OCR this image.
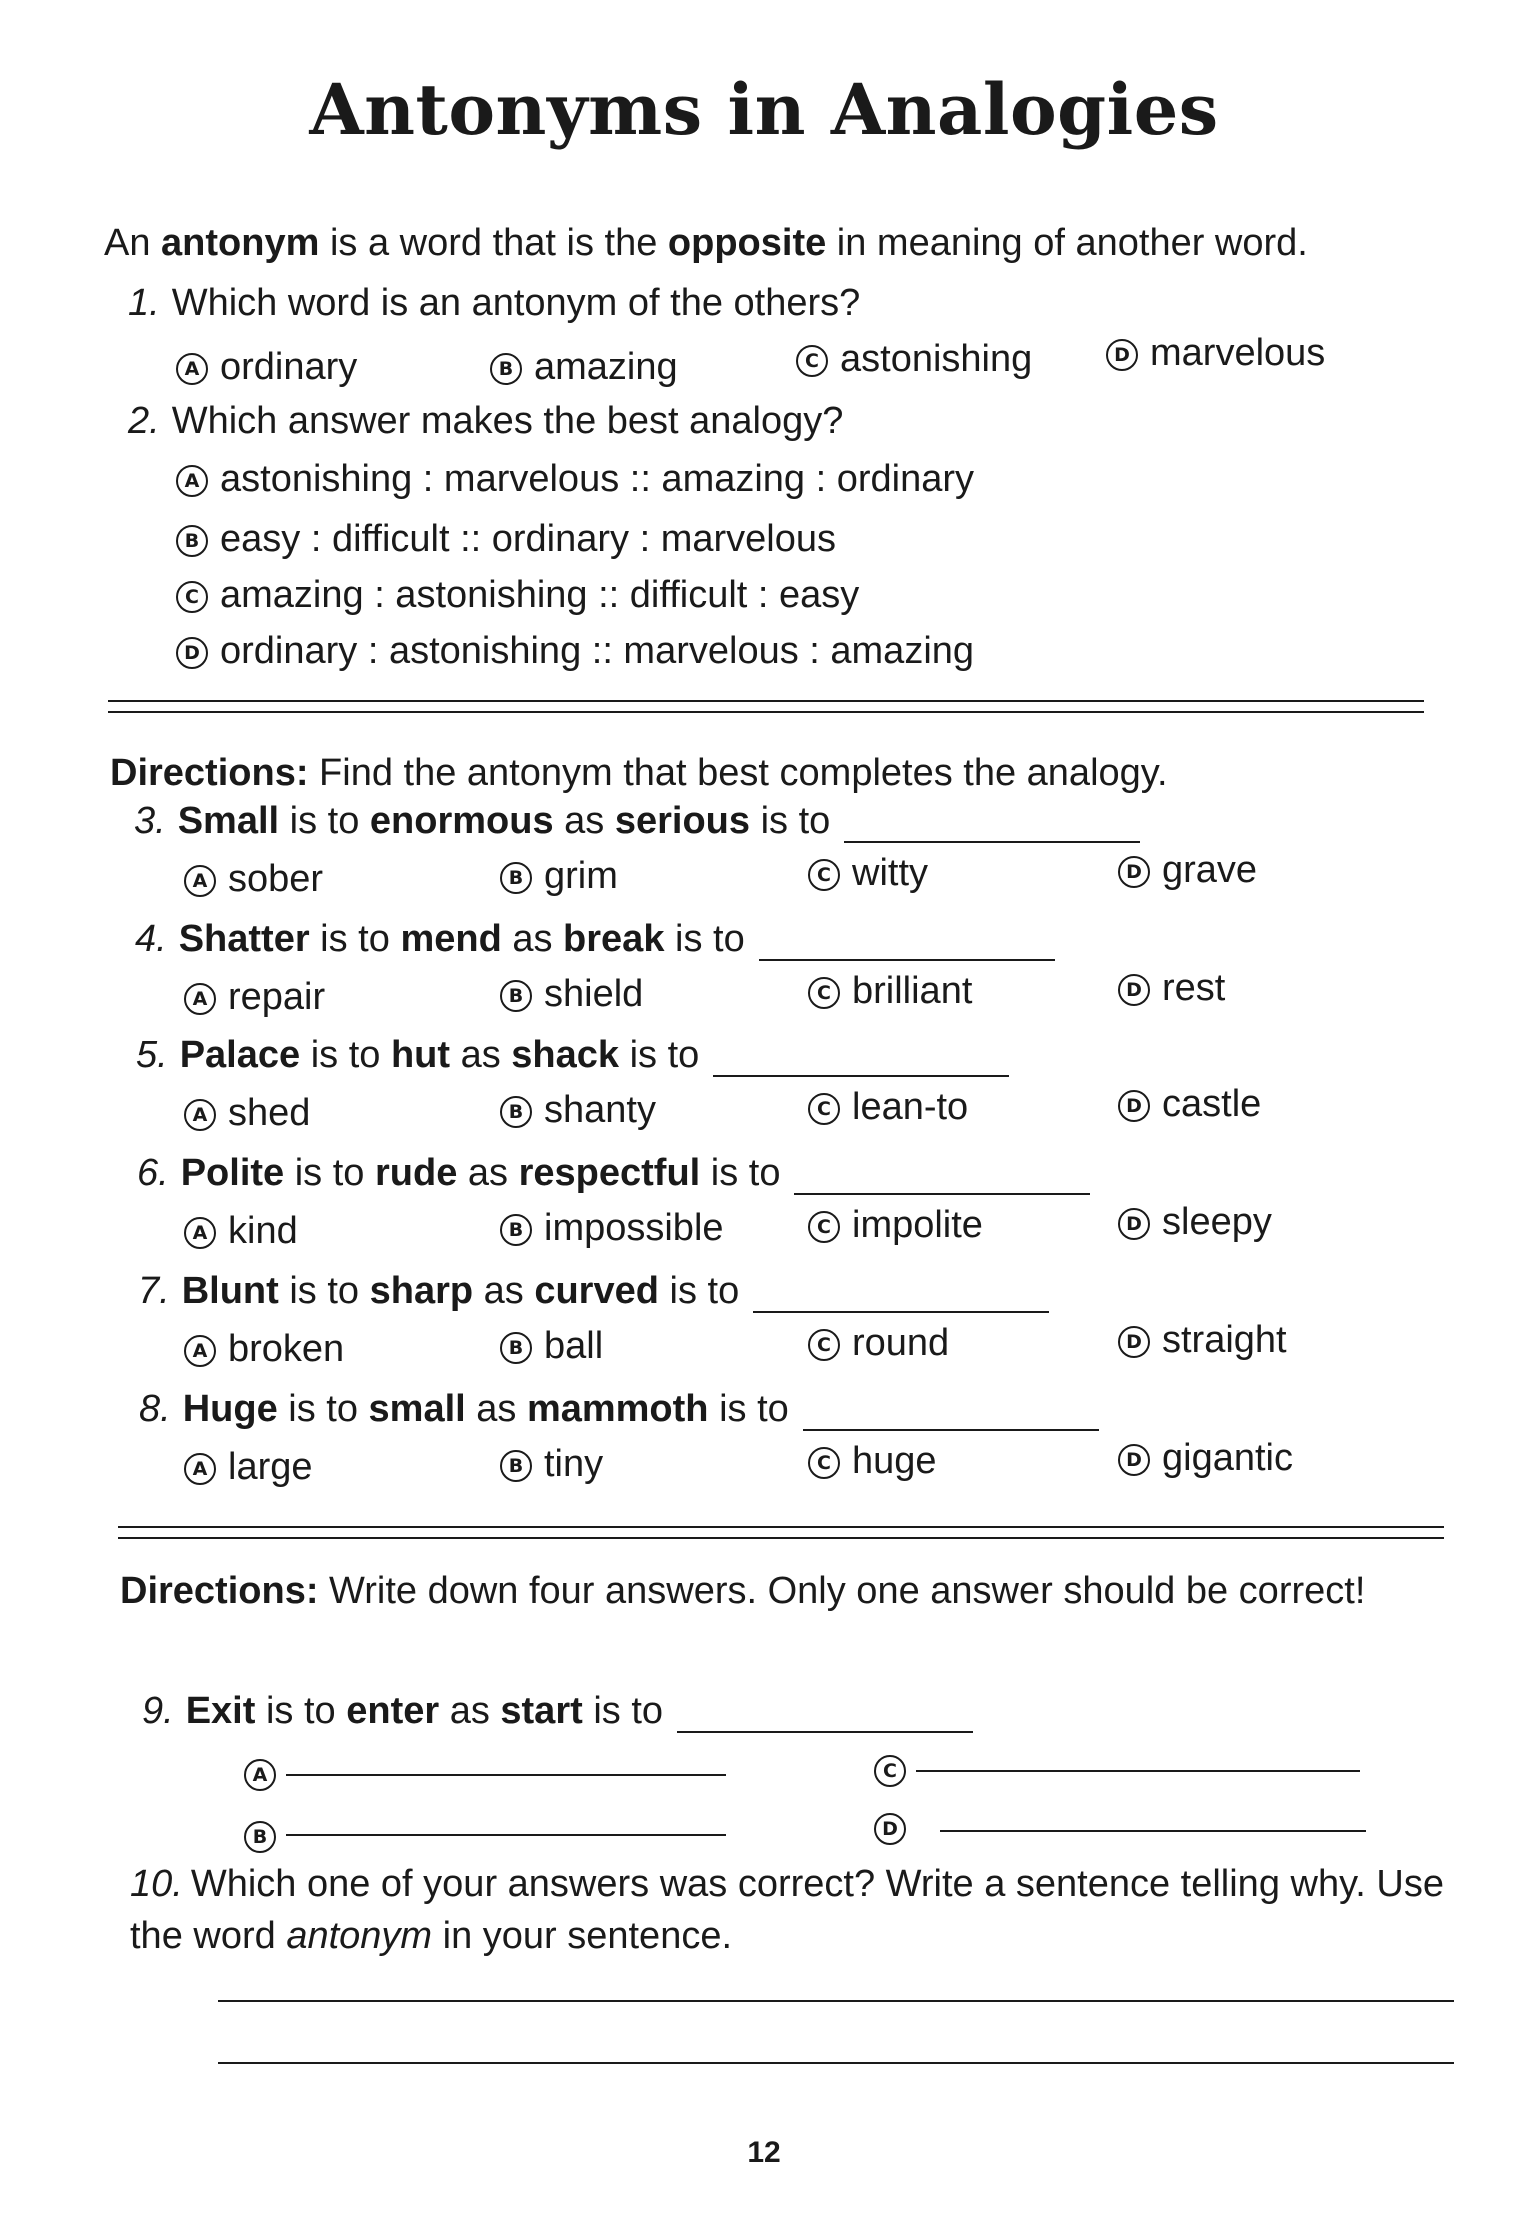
Antonyms in Analogies
An antonym is a word that is the opposite in meaning of another word.
1. Which word is an antonym of the others?
A ordinary	B amazing	C astonishing	D marvelous
2. Which answer makes the best analogy?
A astonishing : marvelous :: amazing : ordinary
B easy : difficult :: ordinary : marvelous
C amazing : astonishing :: difficult : easy
D ordinary : astonishing :: marvelous : amazing
Directions: Find the antonym that best completes the analogy.
3. Small is to enormous as serious is to
A sober	B grim	C witty	D grave
4. Shatter is to mend as break is to
A repair	B shield	C brilliant	D rest
5. Palace is to hut as shack is to
A shed	B shanty	C lean-to	D castle
6. Polite is to rude as respectful is to
A kind	B impossible	C impolite	D sleepy
7. Blunt is to sharp as curved is to
A broken	B ball	C round	D straight
8. Huge is to small as mammoth is to
A large	B tiny	C huge	D gigantic
Directions: Write down four answers. Only one answer should be correct!
9. Exit is to enter as start is to
A	C
B	D
10. Which one of your answers was correct? Write a sentence telling why. Use the word antonym in your sentence.
12
